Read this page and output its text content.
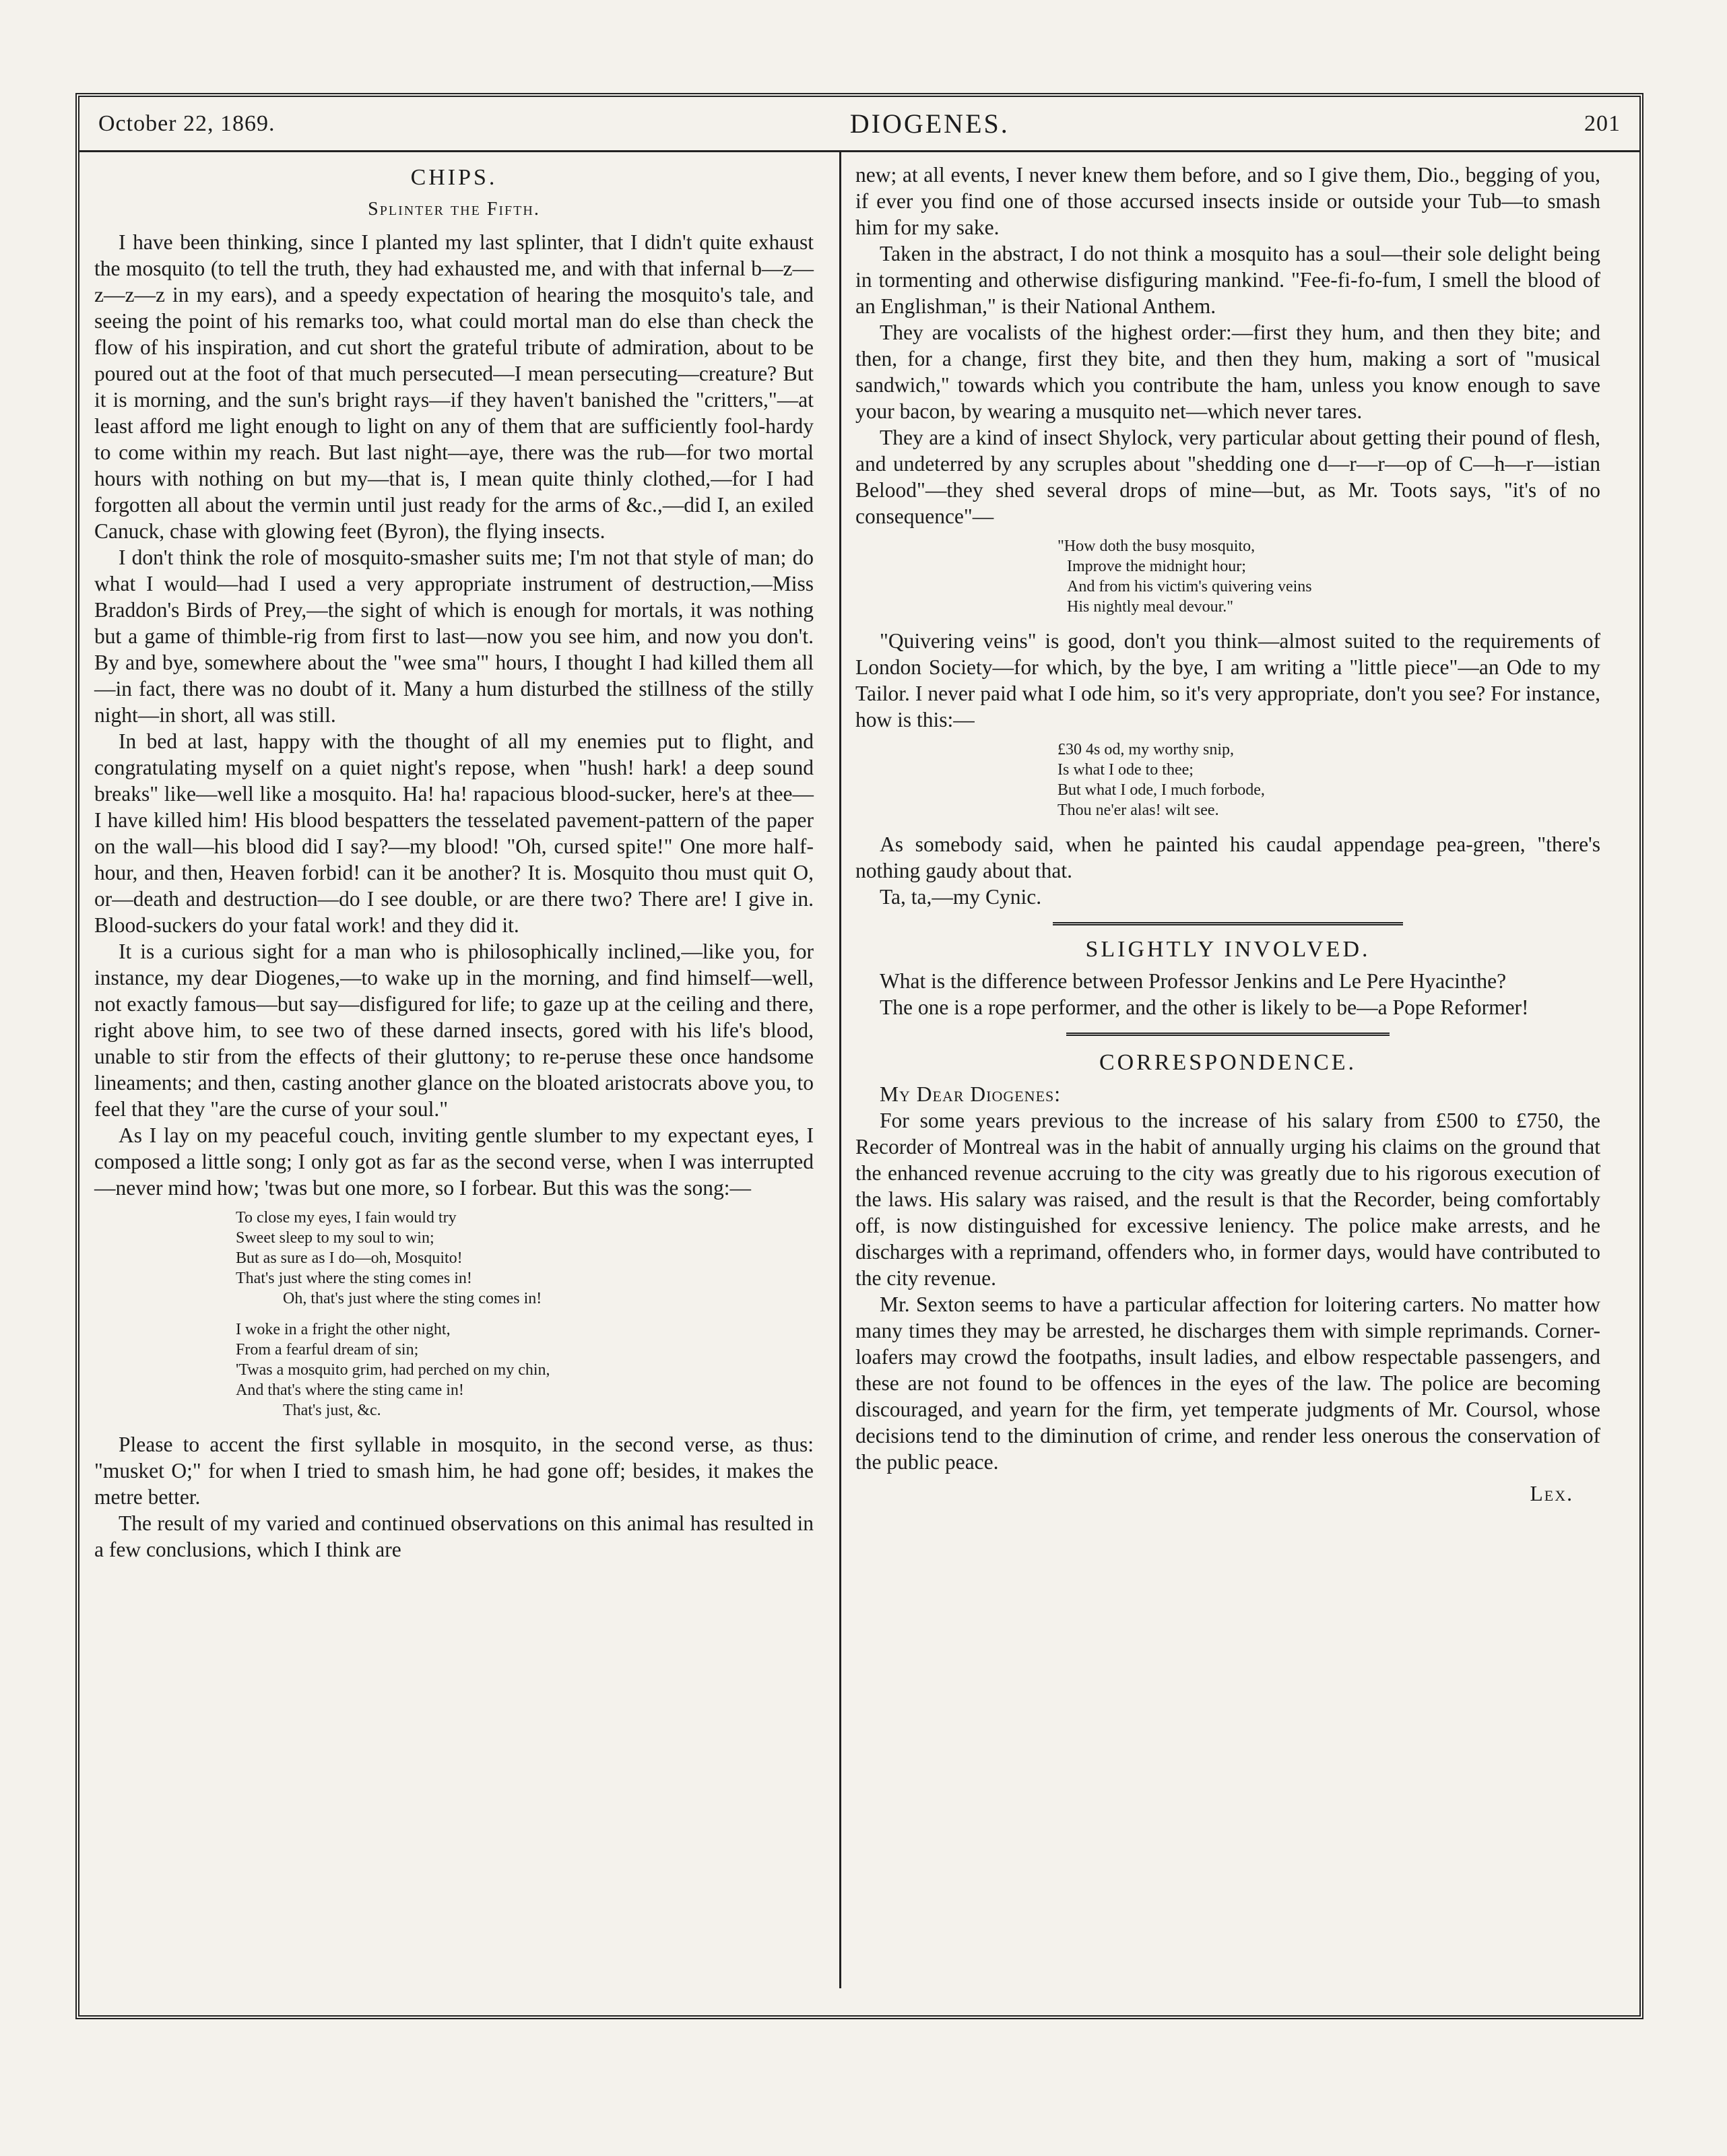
October 22, 1869.	DIOGENES.	201
CHIPS.
Splinter the Fifth.

I have been thinking, since I planted my last splinter, that I didn't quite exhaust the mosquito (to tell the truth, they had exhausted me, and with that infernal b—z—z—z—z in my ears), and a speedy expectation of hearing the mosquito's tale, and seeing the point of his remarks too, what could mortal man do else than check the flow of his inspiration, and cut short the grateful tribute of admiration, about to be poured out at the foot of that much persecuted—I mean persecuting—creature? But it is morning, and the sun's bright rays—if they haven't banished the "critters,"—at least afford me light enough to light on any of them that are sufficiently fool-hardy to come within my reach. But last night—aye, there was the rub—for two mortal hours with nothing on but my—that is, I mean quite thinly clothed,—for I had forgotten all about the vermin until just ready for the arms of &c.,—did I, an exiled Canuck, chase with glowing feet (Byron), the flying insects.

I don't think the role of mosquito-smasher suits me; I'm not that style of man; do what I would—had I used a very appropriate instrument of destruction,—Miss Braddon's Birds of Prey,—the sight of which is enough for mortals, it was nothing but a game of thimble-rig from first to last—now you see him, and now you don't. By and bye, somewhere about the "wee sma'" hours, I thought I had killed them all—in fact, there was no doubt of it. Many a hum disturbed the stillness of the stilly night—in short, all was still.

In bed at last, happy with the thought of all my enemies put to flight, and congratulating myself on a quiet night's repose, when "hush! hark! a deep sound breaks" like—well like a mosquito. Ha! ha! rapacious blood-sucker, here's at thee—I have killed him! His blood bespatters the tesselated pavement-pattern of the paper on the wall—his blood did I say?—my blood! "Oh, cursed spite!" One more half-hour, and then, Heaven forbid! can it be another? It is. Mosquito thou must quit O, or—death and destruction—do I see double, or are there two? There are! I give in. Blood-suckers do your fatal work! and they did it.

It is a curious sight for a man who is philosophically inclined,—like you, for instance, my dear Diogenes,—to wake up in the morning, and find himself—well, not exactly famous—but say—disfigured for life; to gaze up at the ceiling and there, right above him, to see two of these darned insects, gored with his life's blood, unable to stir from the effects of their gluttony; to re-peruse these once handsome lineaments; and then, casting another glance on the bloated aristocrats above you, to feel that they "are the curse of your soul."

As I lay on my peaceful couch, inviting gentle slumber to my expectant eyes, I composed a little song; I only got as far as the second verse, when I was interrupted—never mind how; 'twas but one more, so I forbear. But this was the song:—

To close my eyes, I fain would try
Sweet sleep to my soul to win;
But as sure as I do—oh, Mosquito!
That's just where the sting comes in!
Oh, that's just where the sting comes in!
I woke in a fright the other night,
From a fearful dream of sin;
'Twas a mosquito grim, had perched on my chin,
And that's where the sting came in!
That's just, &c.

Please to accent the first syllable in mosquito, in the second verse, as thus: "musket O;" for when I tried to smash him, he had gone off; besides, it makes the metre better.

The result of my varied and continued observations on this animal has resulted in a few conclusions, which I think are

new; at all events, I never knew them before, and so I give them, Dio., begging of you, if ever you find one of those accursed insects inside or outside your Tub—to smash him for my sake.

Taken in the abstract, I do not think a mosquito has a soul—their sole delight being in tormenting and otherwise disfiguring mankind. "Fee-fi-fo-fum, I smell the blood of an Englishman," is their National Anthem.

They are vocalists of the highest order:—first they hum, and then they bite; and then, for a change, first they bite, and then they hum, making a sort of "musical sandwich," towards which you contribute the ham, unless you know enough to save your bacon, by wearing a musquito net—which never tares.

They are a kind of insect Shylock, very particular about getting their pound of flesh, and undeterred by any scruples about "shedding one d—r—r—op of C—h—r—istian Belood"—they shed several drops of mine—but, as Mr. Toots says, "it's of no consequence"—

"How doth the busy mosquito,
Improve the midnight hour;
And from his victim's quivering veins
His nightly meal devour."

"Quivering veins" is good, don't you think—almost suited to the requirements of London Society—for which, by the bye, I am writing a "little piece"—an Ode to my Tailor. I never paid what I ode him, so it's very appropriate, don't you see? For instance, how is this:—

£30 4s od, my worthy snip,
Is what I ode to thee;
But what I ode, I much forbode,
Thou ne'er alas! wilt see.

As somebody said, when he painted his caudal appendage pea-green, "there's nothing gaudy about that.

Ta, ta,—my Cynic.

SLIGHTLY INVOLVED.

What is the difference between Professor Jenkins and Le Pere Hyacinthe?

The one is a rope performer, and the other is likely to be—a Pope Reformer!

CORRESPONDENCE.

My Dear Diogenes:

For some years previous to the increase of his salary from £500 to £750, the Recorder of Montreal was in the habit of annually urging his claims on the ground that the enhanced revenue accruing to the city was greatly due to his rigorous execution of the laws. His salary was raised, and the result is that the Recorder, being comfortably off, is now distinguished for excessive leniency. The police make arrests, and he discharges with a reprimand, offenders who, in former days, would have contributed to the city revenue.

Mr. Sexton seems to have a particular affection for loitering carters. No matter how many times they may be arrested, he discharges them with simple reprimands. Corner-loafers may crowd the footpaths, insult ladies, and elbow respectable passengers, and these are not found to be offences in the eyes of the law. The police are becoming discouraged, and yearn for the firm, yet temperate judgments of Mr. Coursol, whose decisions tend to the diminution of crime, and render less onerous the conservation of the public peace.

Lex.
